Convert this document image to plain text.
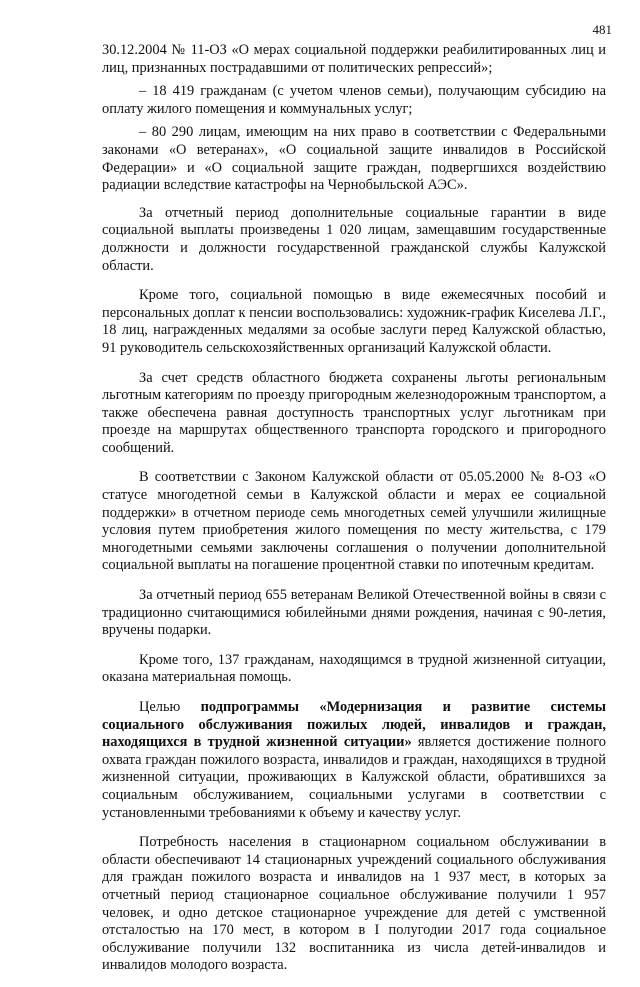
481

30.12.2004 № 11-ОЗ «О мерах социальной поддержки реабилитированных лиц и лиц, признанных пострадавшими от политических репрессий»;

– 18 419 гражданам (с учетом членов семьи), получающим субсидию на оплату жилого помещения и коммунальных услуг;

– 80 290 лицам, имеющим на них право в соответствии с Федеральными законами «О ветеранах», «О социальной защите инвалидов в Российской Федерации» и «О социальной защите граждан, подвергшихся воздействию радиации вследствие катастрофы на Чернобыльской АЭС».

За отчетный период дополнительные социальные гарантии в виде социальной выплаты произведены 1 020 лицам, замещавшим государственные должности и должности государственной гражданской службы Калужской области.

Кроме того, социальной помощью в виде ежемесячных пособий и персональных доплат к пенсии воспользовались: художник-график Киселева Л.Г., 18 лиц, награжденных медалями за особые заслуги перед Калужской областью, 91 руководитель сельскохозяйственных организаций Калужской области.

За счет средств областного бюджета сохранены льготы региональным льготным категориям по проезду пригородным железнодорожным транспортом, а также обеспечена равная доступность транспортных услуг льготникам при проезде на маршрутах общественного транспорта городского и пригородного сообщений.

В соответствии с Законом Калужской области от 05.05.2000 № 8-ОЗ «О статусе многодетной семьи в Калужской области и мерах ее социальной поддержки» в отчетном периоде семь многодетных семей улучшили жилищные условия путем приобретения жилого помещения по месту жительства, с 179 многодетными семьями заключены соглашения о получении дополнительной социальной выплаты на погашение процентной ставки по ипотечным кредитам.

За отчетный период 655 ветеранам Великой Отечественной войны в связи с традиционно считающимися юбилейными днями рождения, начиная с 90-летия, вручены подарки.

Кроме того, 137 гражданам, находящимся в трудной жизненной ситуации, оказана материальная помощь.

Целью подпрограммы «Модернизация и развитие системы социального обслуживания пожилых людей, инвалидов и граждан, находящихся в трудной жизненной ситуации» является достижение полного охвата граждан пожилого возраста, инвалидов и граждан, находящихся в трудной жизненной ситуации, проживающих в Калужской области, обратившихся за социальным обслуживанием, социальными услугами в соответствии с установленными требованиями к объему и качеству услуг.

Потребность населения в стационарном социальном обслуживании в области обеспечивают 14 стационарных учреждений социального обслуживания для граждан пожилого возраста и инвалидов на 1 937 мест, в которых за отчетный период стационарное социальное обслуживание получили 1 957 человек, и одно детское стационарное учреждение для детей с умственной отсталостью на 170 мест, в котором в I полугодии 2017 года социальное обслуживание получили 132 воспитанника из числа детей-инвалидов и инвалидов молодого возраста.
